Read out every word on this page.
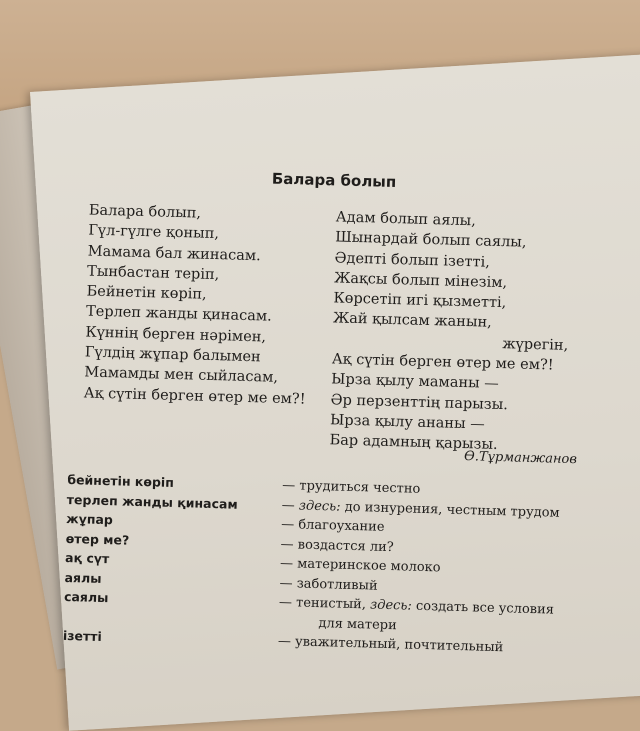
Балара болып
Балара болып,
Гүл-гүлге қонып,
Мамама бал жинасам.
Тынбастан теріп,
Бейнетін көріп,
Терлеп жанды қинасам.
Күннің берген нәрімен,
Гүлдің жұпар балымен
Мамамды мен сыйласам,
Ақ сүтін берген өтер ме ем?!
Адам болып аялы,
Шынардай болып саялы,
Әдепті болып ізетті,
Жақсы болып мінезім,
Көрсетіп игі қызметті,
Жай қылсам жанын,
жүрегін,
Ақ сүтін берген өтер ме ем?!
Ырза қылу маманы —
Әр перзенттің парызы.
Ырза қылу ананы —
Бар адамның қарызы.
Ө.Тұрманжанов
бейнетін көріп	— трудиться честно
терлеп жанды қинасам	— здесь: до изнурения, честным трудом
жұпар	— благоухание
өтер ме?	— воздастся ли?
ақ сүт	— материнское молоко
аялы	— заботливый
саялы	— тенистый, здесь: создать все условия
для матери
ізетті	— уважительный, почтительный
